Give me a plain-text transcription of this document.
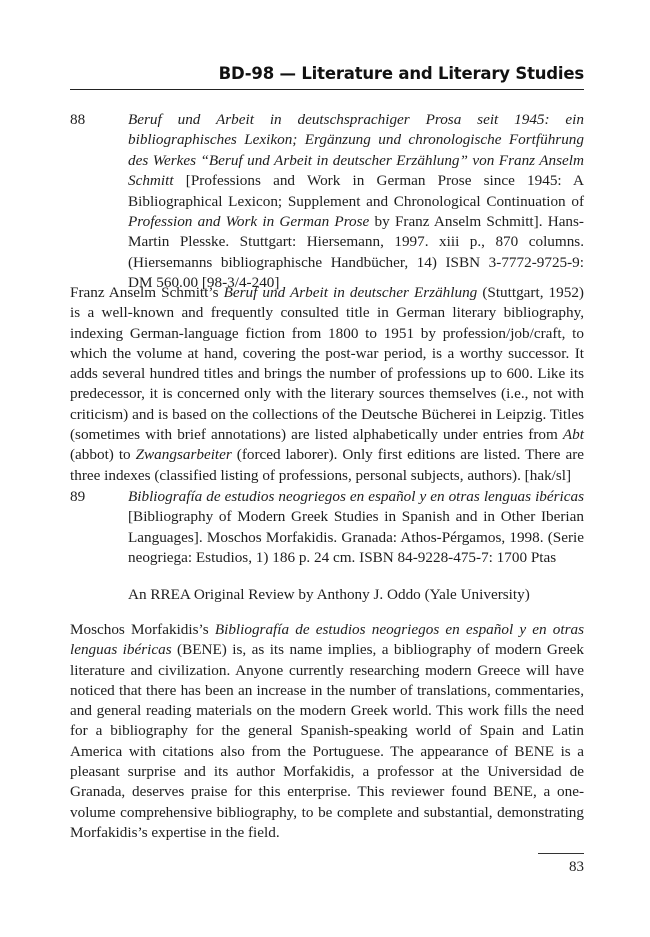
BD-98 — Literature and Literary Studies
88	Beruf und Arbeit in deutschsprachiger Prosa seit 1945: ein bibliographisches Lexikon; Ergänzung und chronologische Fortführung des Werkes “Beruf und Arbeit in deutscher Erzählung” von Franz Anselm Schmitt [Professions and Work in German Prose since 1945: A Bibliographical Lexicon; Supplement and Chronological Continuation of Profession and Work in German Prose by Franz Anselm Schmitt]. Hans-Martin Plesske. Stuttgart: Hiersemann, 1997. xiii p., 870 columns. (Hiersemanns bibliographische Handbücher, 14) ISBN 3-7772-9725-9: DM 560.00 [98-3/4-240]

Franz Anselm Schmitt’s Beruf und Arbeit in deutscher Erzählung (Stuttgart, 1952) is a well-known and frequently consulted title in German literary bibliography, indexing German-language fiction from 1800 to 1951 by profession/job/craft, to which the volume at hand, covering the post-war period, is a worthy successor. It adds several hundred titles and brings the number of professions up to 600. Like its predecessor, it is concerned only with the literary sources themselves (i.e., not with criticism) and is based on the collections of the Deutsche Bücherei in Leipzig. Titles (sometimes with brief annotations) are listed alphabetically under entries from Abt (abbot) to Zwangsarbeiter (forced laborer). Only first editions are listed. There are three indexes (classified listing of professions, personal subjects, authors). [hak/sl]

89	Bibliografía de estudios neogriegos en español y en otras lenguas ibéricas [Bibliography of Modern Greek Studies in Spanish and in Other Iberian Languages]. Moschos Morfakidis. Granada: Athos-Pérgamos, 1998. (Serie neogriega: Estudios, 1) 186 p. 24 cm. ISBN 84-9228-475-7: 1700 Ptas
An RREA Original Review by Anthony J. Oddo (Yale University)

Moschos Morfakidis’s Bibliografía de estudios neogriegos en español y en otras lenguas ibéricas (BENE) is, as its name implies, a bibliography of modern Greek literature and civilization. Anyone currently researching modern Greece will have noticed that there has been an increase in the number of translations, commentaries, and general reading materials on the modern Greek world. This work fills the need for a bibliography for the general Spanish-speaking world of Spain and Latin America with citations also from the Portuguese. The appearance of BENE is a pleasant surprise and its author Morfakidis, a professor at the Universidad de Granada, deserves praise for this enterprise. This reviewer found BENE, a one-volume comprehensive bibliography, to be complete and substantial, demonstrating Morfakidis’s expertise in the field.

83
